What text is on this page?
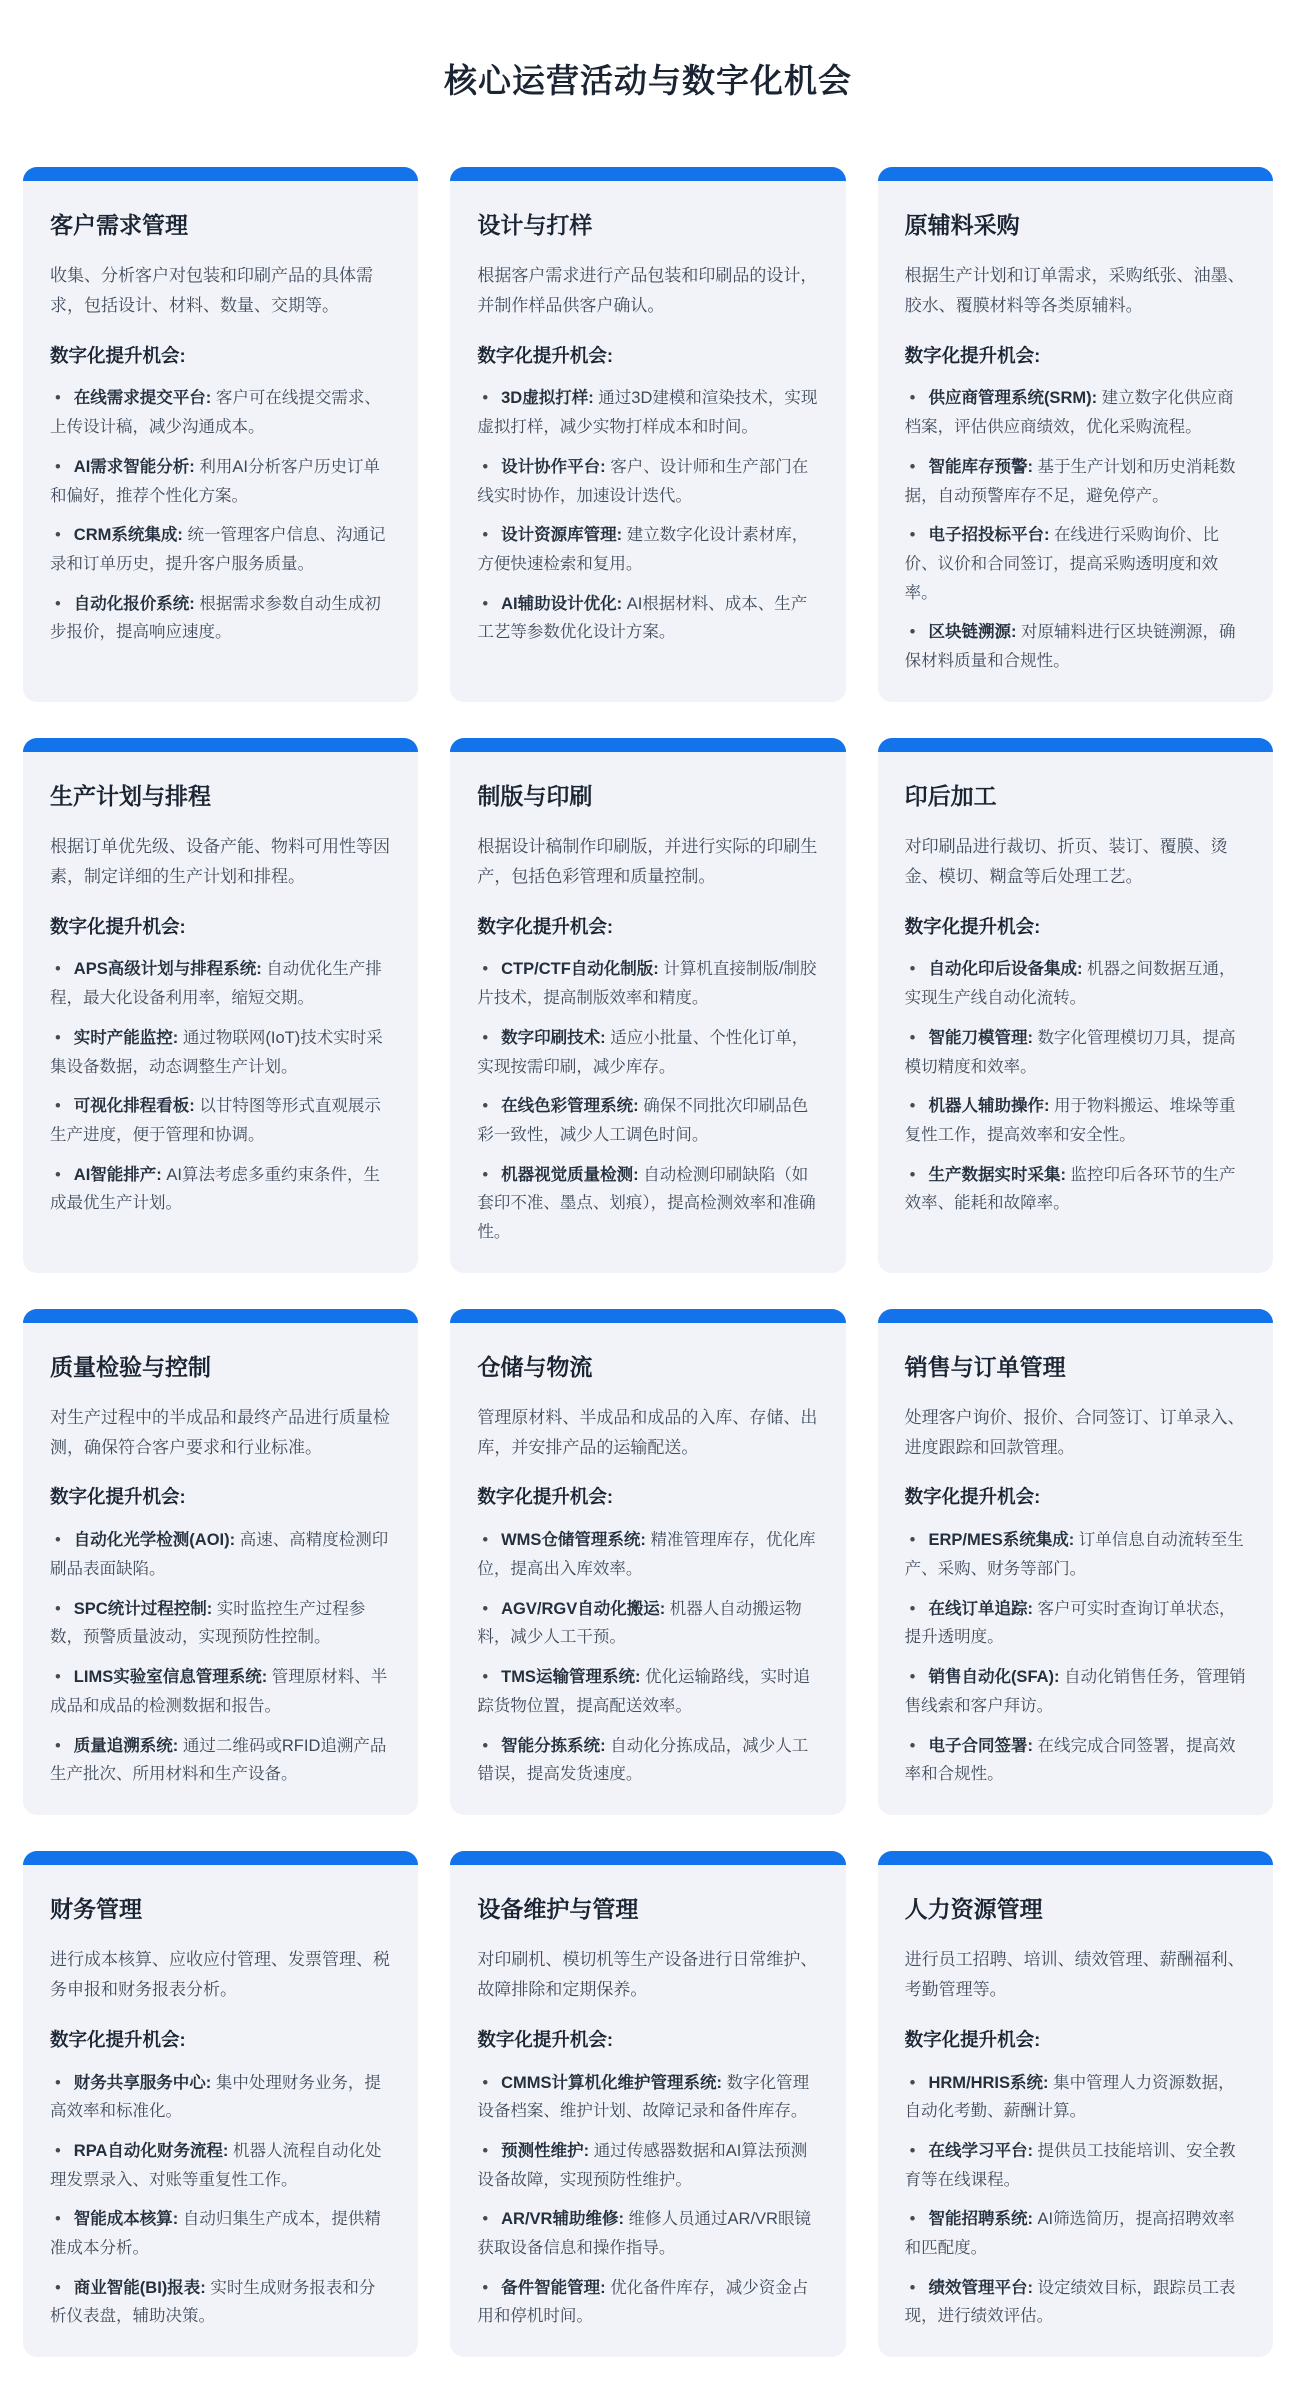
核心运营活动与数字化机会
客户需求管理

收集、分析客户对包装和印刷产品的具体需求，包括设计、材料、数量、交期等。

数字化提升机会:

• 在线需求提交平台: 客户可在线提交需求、上传设计稿，减少沟通成本。

• AI需求智能分析: 利用AI分析客户历史订单和偏好，推荐个性化方案。

• CRM系统集成: 统一管理客户信息、沟通记录和订单历史，提升客户服务质量。

• 自动化报价系统: 根据需求参数自动生成初步报价，提高响应速度。

设计与打样

根据客户需求进行产品包装和印刷品的设计，并制作样品供客户确认。

数字化提升机会:

• 3D虚拟打样: 通过3D建模和渲染技术，实现虚拟打样，减少实物打样成本和时间。

• 设计协作平台: 客户、设计师和生产部门在线实时协作，加速设计迭代。

• 设计资源库管理: 建立数字化设计素材库，方便快速检索和复用。

• AI辅助设计优化: AI根据材料、成本、生产工艺等参数优化设计方案。

原辅料采购

根据生产计划和订单需求，采购纸张、油墨、胶水、覆膜材料等各类原辅料。

数字化提升机会:

• 供应商管理系统(SRM): 建立数字化供应商档案，评估供应商绩效，优化采购流程。

• 智能库存预警: 基于生产计划和历史消耗数据，自动预警库存不足，避免停产。

• 电子招投标平台: 在线进行采购询价、比价、议价和合同签订，提高采购透明度和效率。

• 区块链溯源: 对原辅料进行区块链溯源，确保材料质量和合规性。

生产计划与排程

根据订单优先级、设备产能、物料可用性等因素，制定详细的生产计划和排程。

数字化提升机会:

• APS高级计划与排程系统: 自动优化生产排程，最大化设备利用率，缩短交期。

• 实时产能监控: 通过物联网(IoT)技术实时采集设备数据，动态调整生产计划。

• 可视化排程看板: 以甘特图等形式直观展示生产进度，便于管理和协调。

• AI智能排产: AI算法考虑多重约束条件，生成最优生产计划。

制版与印刷

根据设计稿制作印刷版，并进行实际的印刷生产，包括色彩管理和质量控制。

数字化提升机会:

• CTP/CTF自动化制版: 计算机直接制版/制胶片技术，提高制版效率和精度。

• 数字印刷技术: 适应小批量、个性化订单，实现按需印刷，减少库存。

• 在线色彩管理系统: 确保不同批次印刷品色彩一致性，减少人工调色时间。

• 机器视觉质量检测: 自动检测印刷缺陷（如套印不准、墨点、划痕），提高检测效率和准确性。

印后加工

对印刷品进行裁切、折页、装订、覆膜、烫金、模切、糊盒等后处理工艺。

数字化提升机会:

• 自动化印后设备集成: 机器之间数据互通，实现生产线自动化流转。

• 智能刀模管理: 数字化管理模切刀具，提高模切精度和效率。

• 机器人辅助操作: 用于物料搬运、堆垛等重复性工作，提高效率和安全性。

• 生产数据实时采集: 监控印后各环节的生产效率、能耗和故障率。

质量检验与控制

对生产过程中的半成品和最终产品进行质量检测，确保符合客户要求和行业标准。

数字化提升机会:

• 自动化光学检测(AOI): 高速、高精度检测印刷品表面缺陷。

• SPC统计过程控制: 实时监控生产过程参数，预警质量波动，实现预防性控制。

• LIMS实验室信息管理系统: 管理原材料、半成品和成品的检测数据和报告。

• 质量追溯系统: 通过二维码或RFID追溯产品生产批次、所用材料和生产设备。

仓储与物流

管理原材料、半成品和成品的入库、存储、出库，并安排产品的运输配送。

数字化提升机会:

• WMS仓储管理系统: 精准管理库存，优化库位，提高出入库效率。

• AGV/RGV自动化搬运: 机器人自动搬运物料，减少人工干预。

• TMS运输管理系统: 优化运输路线，实时追踪货物位置，提高配送效率。

• 智能分拣系统: 自动化分拣成品，减少人工错误，提高发货速度。

销售与订单管理

处理客户询价、报价、合同签订、订单录入、进度跟踪和回款管理。

数字化提升机会:

• ERP/MES系统集成: 订单信息自动流转至生产、采购、财务等部门。

• 在线订单追踪: 客户可实时查询订单状态，提升透明度。

• 销售自动化(SFA): 自动化销售任务，管理销售线索和客户拜访。

• 电子合同签署: 在线完成合同签署，提高效率和合规性。

财务管理

进行成本核算、应收应付管理、发票管理、税务申报和财务报表分析。

数字化提升机会:

• 财务共享服务中心: 集中处理财务业务，提高效率和标准化。

• RPA自动化财务流程: 机器人流程自动化处理发票录入、对账等重复性工作。

• 智能成本核算: 自动归集生产成本，提供精准成本分析。

• 商业智能(BI)报表: 实时生成财务报表和分析仪表盘，辅助决策。

设备维护与管理

对印刷机、模切机等生产设备进行日常维护、故障排除和定期保养。

数字化提升机会:

• CMMS计算机化维护管理系统: 数字化管理设备档案、维护计划、故障记录和备件库存。

• 预测性维护: 通过传感器数据和AI算法预测设备故障，实现预防性维护。

• AR/VR辅助维修: 维修人员通过AR/VR眼镜获取设备信息和操作指导。

• 备件智能管理: 优化备件库存，减少资金占用和停机时间。

人力资源管理

进行员工招聘、培训、绩效管理、薪酬福利、考勤管理等。

数字化提升机会:

• HRM/HRIS系统: 集中管理人力资源数据，自动化考勤、薪酬计算。

• 在线学习平台: 提供员工技能培训、安全教育等在线课程。

• 智能招聘系统: AI筛选简历，提高招聘效率和匹配度。

• 绩效管理平台: 设定绩效目标，跟踪员工表现，进行绩效评估。
